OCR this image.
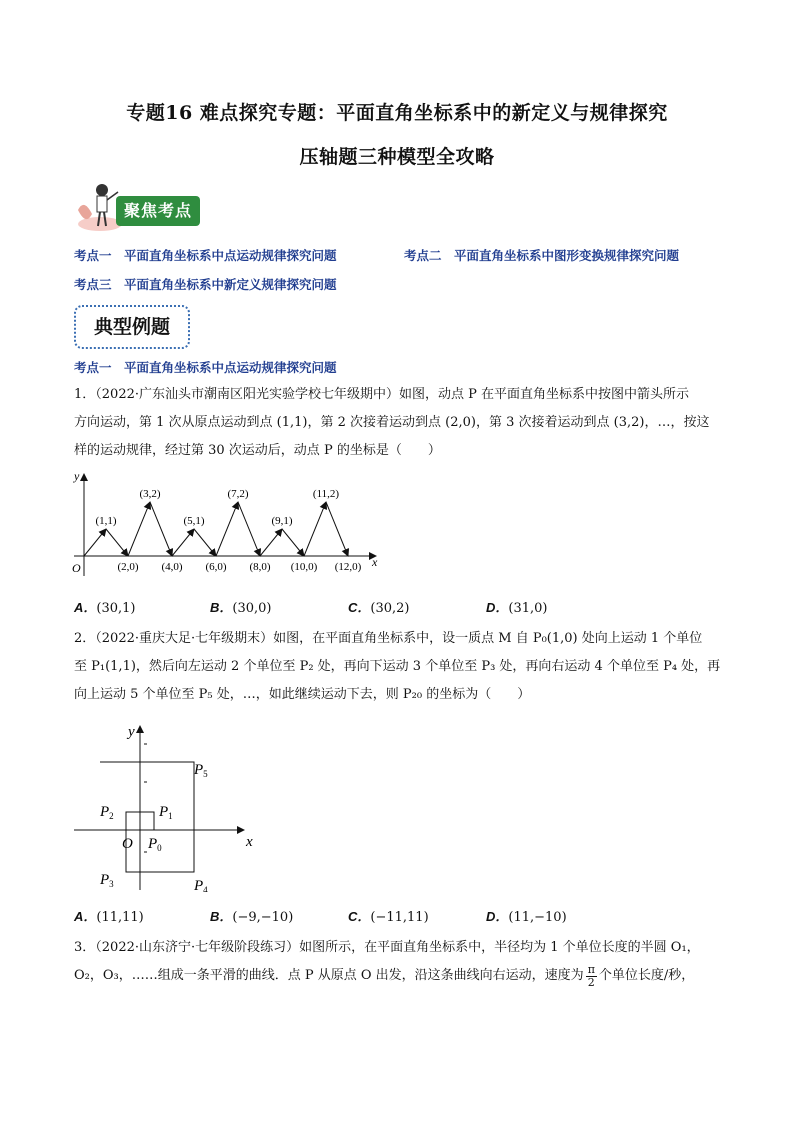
专题16 难点探究专题：平面直角坐标系中的新定义与规律探究
压轴题三种模型全攻略
聚焦考点
考点一　平面直角坐标系中点运动规律探究问题	考点二　平面直角坐标系中图形变换规律探究问题
考点三　平面直角坐标系中新定义规律探究问题
典型例题
考点一　平面直角坐标系中点运动规律探究问题
1．（2022·广东汕头市潮南区阳光实验学校七年级期中）如图，动点 P 在平面直角坐标系中按图中箭头所示
方向运动，第 1 次从原点运动到点 (1,1)，第 2 次接着运动到点 (2,0)，第 3 次接着运动到点 (3,2)，…，按这
样的运动规律，经过第 30 次运动后，动点 P 的坐标是（　　）
x
y
O
(1,1)
(3,2)
(5,1)
(7,2)
(9,1)
(11,2)
(2,0) (4,0) (6,0) (8,0) (10,0) (12,0)
A．(30,1)	B．(30,0)	C．(30,2)	D．(31,0)
2．（2022·重庆大足·七年级期末）如图，在平面直角坐标系中，设一质点 M 自 P₀(1,0) 处向上运动 1 个单位
至 P₁(1,1)，然后向左运动 2 个单位至 P₂ 处，再向下运动 3 个单位至 P₃ 处，再向右运动 4 个单位至 P₄ 处，再
向上运动 5 个单位至 P₅ 处，…，如此继续运动下去，则 P₂₀ 的坐标为（　　）
x
y
O $P_0$
$P_1$
$P_2$
$P_3$	$P_4$
$P_5$
A．(11,11)	B．(−9,−10)	C．(−11,11)	D．(11,−10)
3．（2022·山东济宁·七年级阶段练习）如图所示，在平面直角坐标系中，半径均为 1 个单位长度的半圆 O₁，
O₂，O₃，……组成一条平滑的曲线．点 P 从原点 O 出发，沿这条曲线向右运动，速度为 π
2 个单位长度/秒，
